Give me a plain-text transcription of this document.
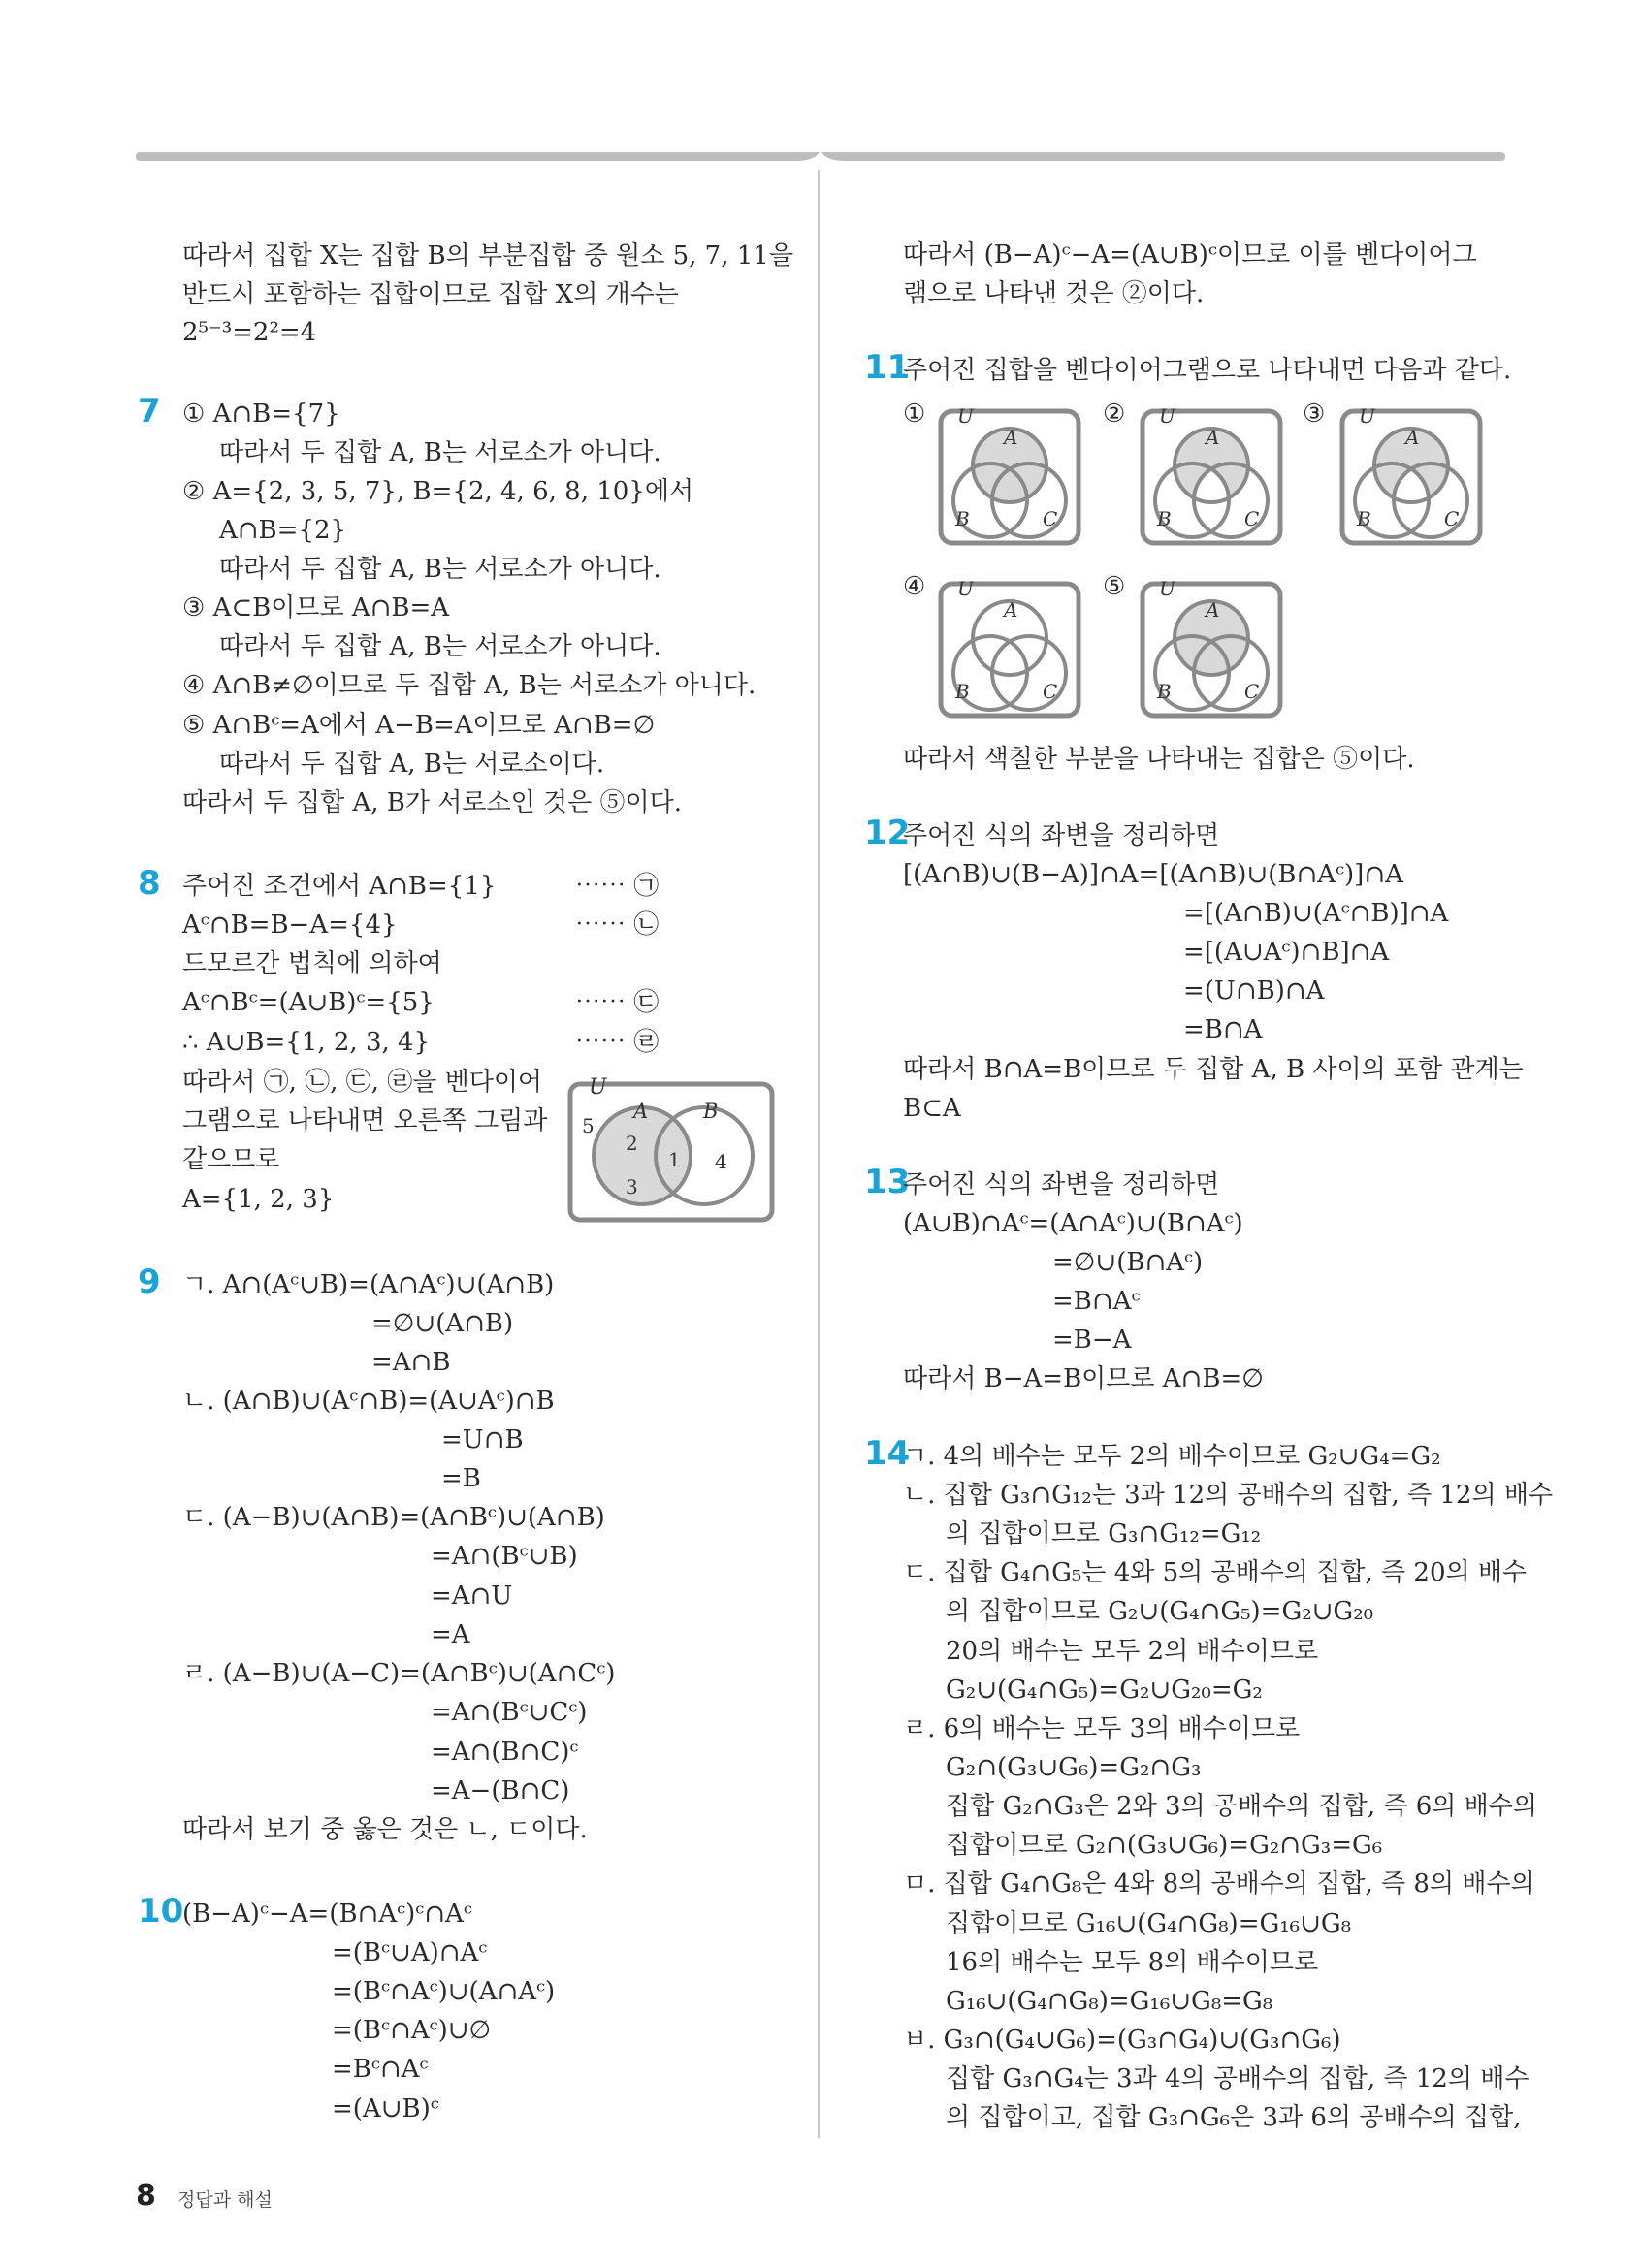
따라서 집합 X는 집합 B의 부분집합 중 원소 5, 7, 11을
반드시 포함하는 집합이므로 집합 X의 개수는
2⁵⁻³=2²=4
7 ① A∩B={7}
따라서 두 집합 A, B는 서로소가 아니다.
② A={2, 3, 5, 7}, B={2, 4, 6, 8, 10}에서
A∩B={2}
따라서 두 집합 A, B는 서로소가 아니다.
③ A⊂B이므로 A∩B=A
따라서 두 집합 A, B는 서로소가 아니다.
④ A∩B≠∅이므로 두 집합 A, B는 서로소가 아니다.
⑤ A∩Bᶜ=A에서 A−B=A이므로 A∩B=∅
따라서 두 집합 A, B는 서로소이다.
따라서 두 집합 A, B가 서로소인 것은 ⑤이다.
8 주어진 조건에서 A∩B={1}
Aᶜ∩B=B−A={4}
드모르간 법칙에 의하여
Aᶜ∩Bᶜ=(A∪B)ᶜ={5}
∴ A∪B={1, 2, 3, 4}
⋯⋯ ㉠
⋯⋯ ㉡
⋯⋯ ㉢
⋯⋯ ㉣
따라서 ㉠, ㉡, ㉢, ㉣을 벤다이어
그램으로 나타내면 오른쪽 그림과
같으므로
A={1, 2, 3}
U
5
A	B
2
3
1 4
9 ㄱ. A∩(Aᶜ∪B)=(A∩Aᶜ)∪(A∩B)
=∅∪(A∩B)
=A∩B
ㄴ. (A∩B)∪(Aᶜ∩B)=(A∪Aᶜ)∩B
=U∩B
=B
ㄷ. (A−B)∪(A∩B)=(A∩Bᶜ)∪(A∩B)
=A∩(Bᶜ∪B)
=A∩U
=A
ㄹ. (A−B)∪(A−C)=(A∩Bᶜ)∪(A∩Cᶜ)
=A∩(Bᶜ∪Cᶜ)
=A∩(B∩C)ᶜ
=A−(B∩C)
따라서 보기 중 옳은 것은 ㄴ, ㄷ이다.
10
(B−A)ᶜ−A=(B∩Aᶜ)ᶜ∩Aᶜ
=(Bᶜ∪A)∩Aᶜ
=(Bᶜ∩Aᶜ)∪(A∩Aᶜ)
=(Bᶜ∩Aᶜ)∪∅
=Bᶜ∩Aᶜ
=(A∪B)ᶜ
따라서 (B−A)ᶜ−A=(A∪B)ᶜ이므로 이를 벤다이어그
램으로 나타낸 것은 ②이다.
11
주어진 집합을 벤다이어그램으로 나타내면 다음과 같다.
① U
A
B	C
② U
A
B	C
③ U
A
B	C
④ U
A
B	C
⑤ U
A
B	C
따라서 색칠한 부분을 나타내는 집합은 ⑤이다.
12
주어진 식의 좌변을 정리하면
[(A∩B)∪(B−A)]∩A=[(A∩B)∪(B∩Aᶜ)]∩A
=[(A∩B)∪(Aᶜ∩B)]∩A
=[(A∪Aᶜ)∩B]∩A
=(U∩B)∩A
=B∩A
따라서 B∩A=B이므로 두 집합 A, B 사이의 포함 관계는
B⊂A
13
주어진 식의 좌변을 정리하면
(A∪B)∩Aᶜ=(A∩Aᶜ)∪(B∩Aᶜ)
=∅∪(B∩Aᶜ)
=B∩Aᶜ
=B−A
따라서 B−A=B이므로 A∩B=∅
14
ㄱ. 4의 배수는 모두 2의 배수이므로 G₂∪G₄=G₂
ㄴ. 집합 G₃∩G₁₂는 3과 12의 공배수의 집합, 즉 12의 배수
의 집합이므로 G₃∩G₁₂=G₁₂
ㄷ. 집합 G₄∩G₅는 4와 5의 공배수의 집합, 즉 20의 배수
의 집합이므로 G₂∪(G₄∩G₅)=G₂∪G₂₀
20의 배수는 모두 2의 배수이므로
G₂∪(G₄∩G₅)=G₂∪G₂₀=G₂
ㄹ. 6의 배수는 모두 3의 배수이므로
G₂∩(G₃∪G₆)=G₂∩G₃
집합 G₂∩G₃은 2와 3의 공배수의 집합, 즉 6의 배수의
집합이므로 G₂∩(G₃∪G₆)=G₂∩G₃=G₆
ㅁ. 집합 G₄∩G₈은 4와 8의 공배수의 집합, 즉 8의 배수의
집합이므로 G₁₆∪(G₄∩G₈)=G₁₆∪G₈
16의 배수는 모두 8의 배수이므로
G₁₆∪(G₄∩G₈)=G₁₆∪G₈=G₈
ㅂ. G₃∩(G₄∪G₆)=(G₃∩G₄)∪(G₃∩G₆)
집합 G₃∩G₄는 3과 4의 공배수의 집합, 즉 12의 배수
의 집합이고, 집합 G₃∩G₆은 3과 6의 공배수의 집합,
8 정답과 해설
